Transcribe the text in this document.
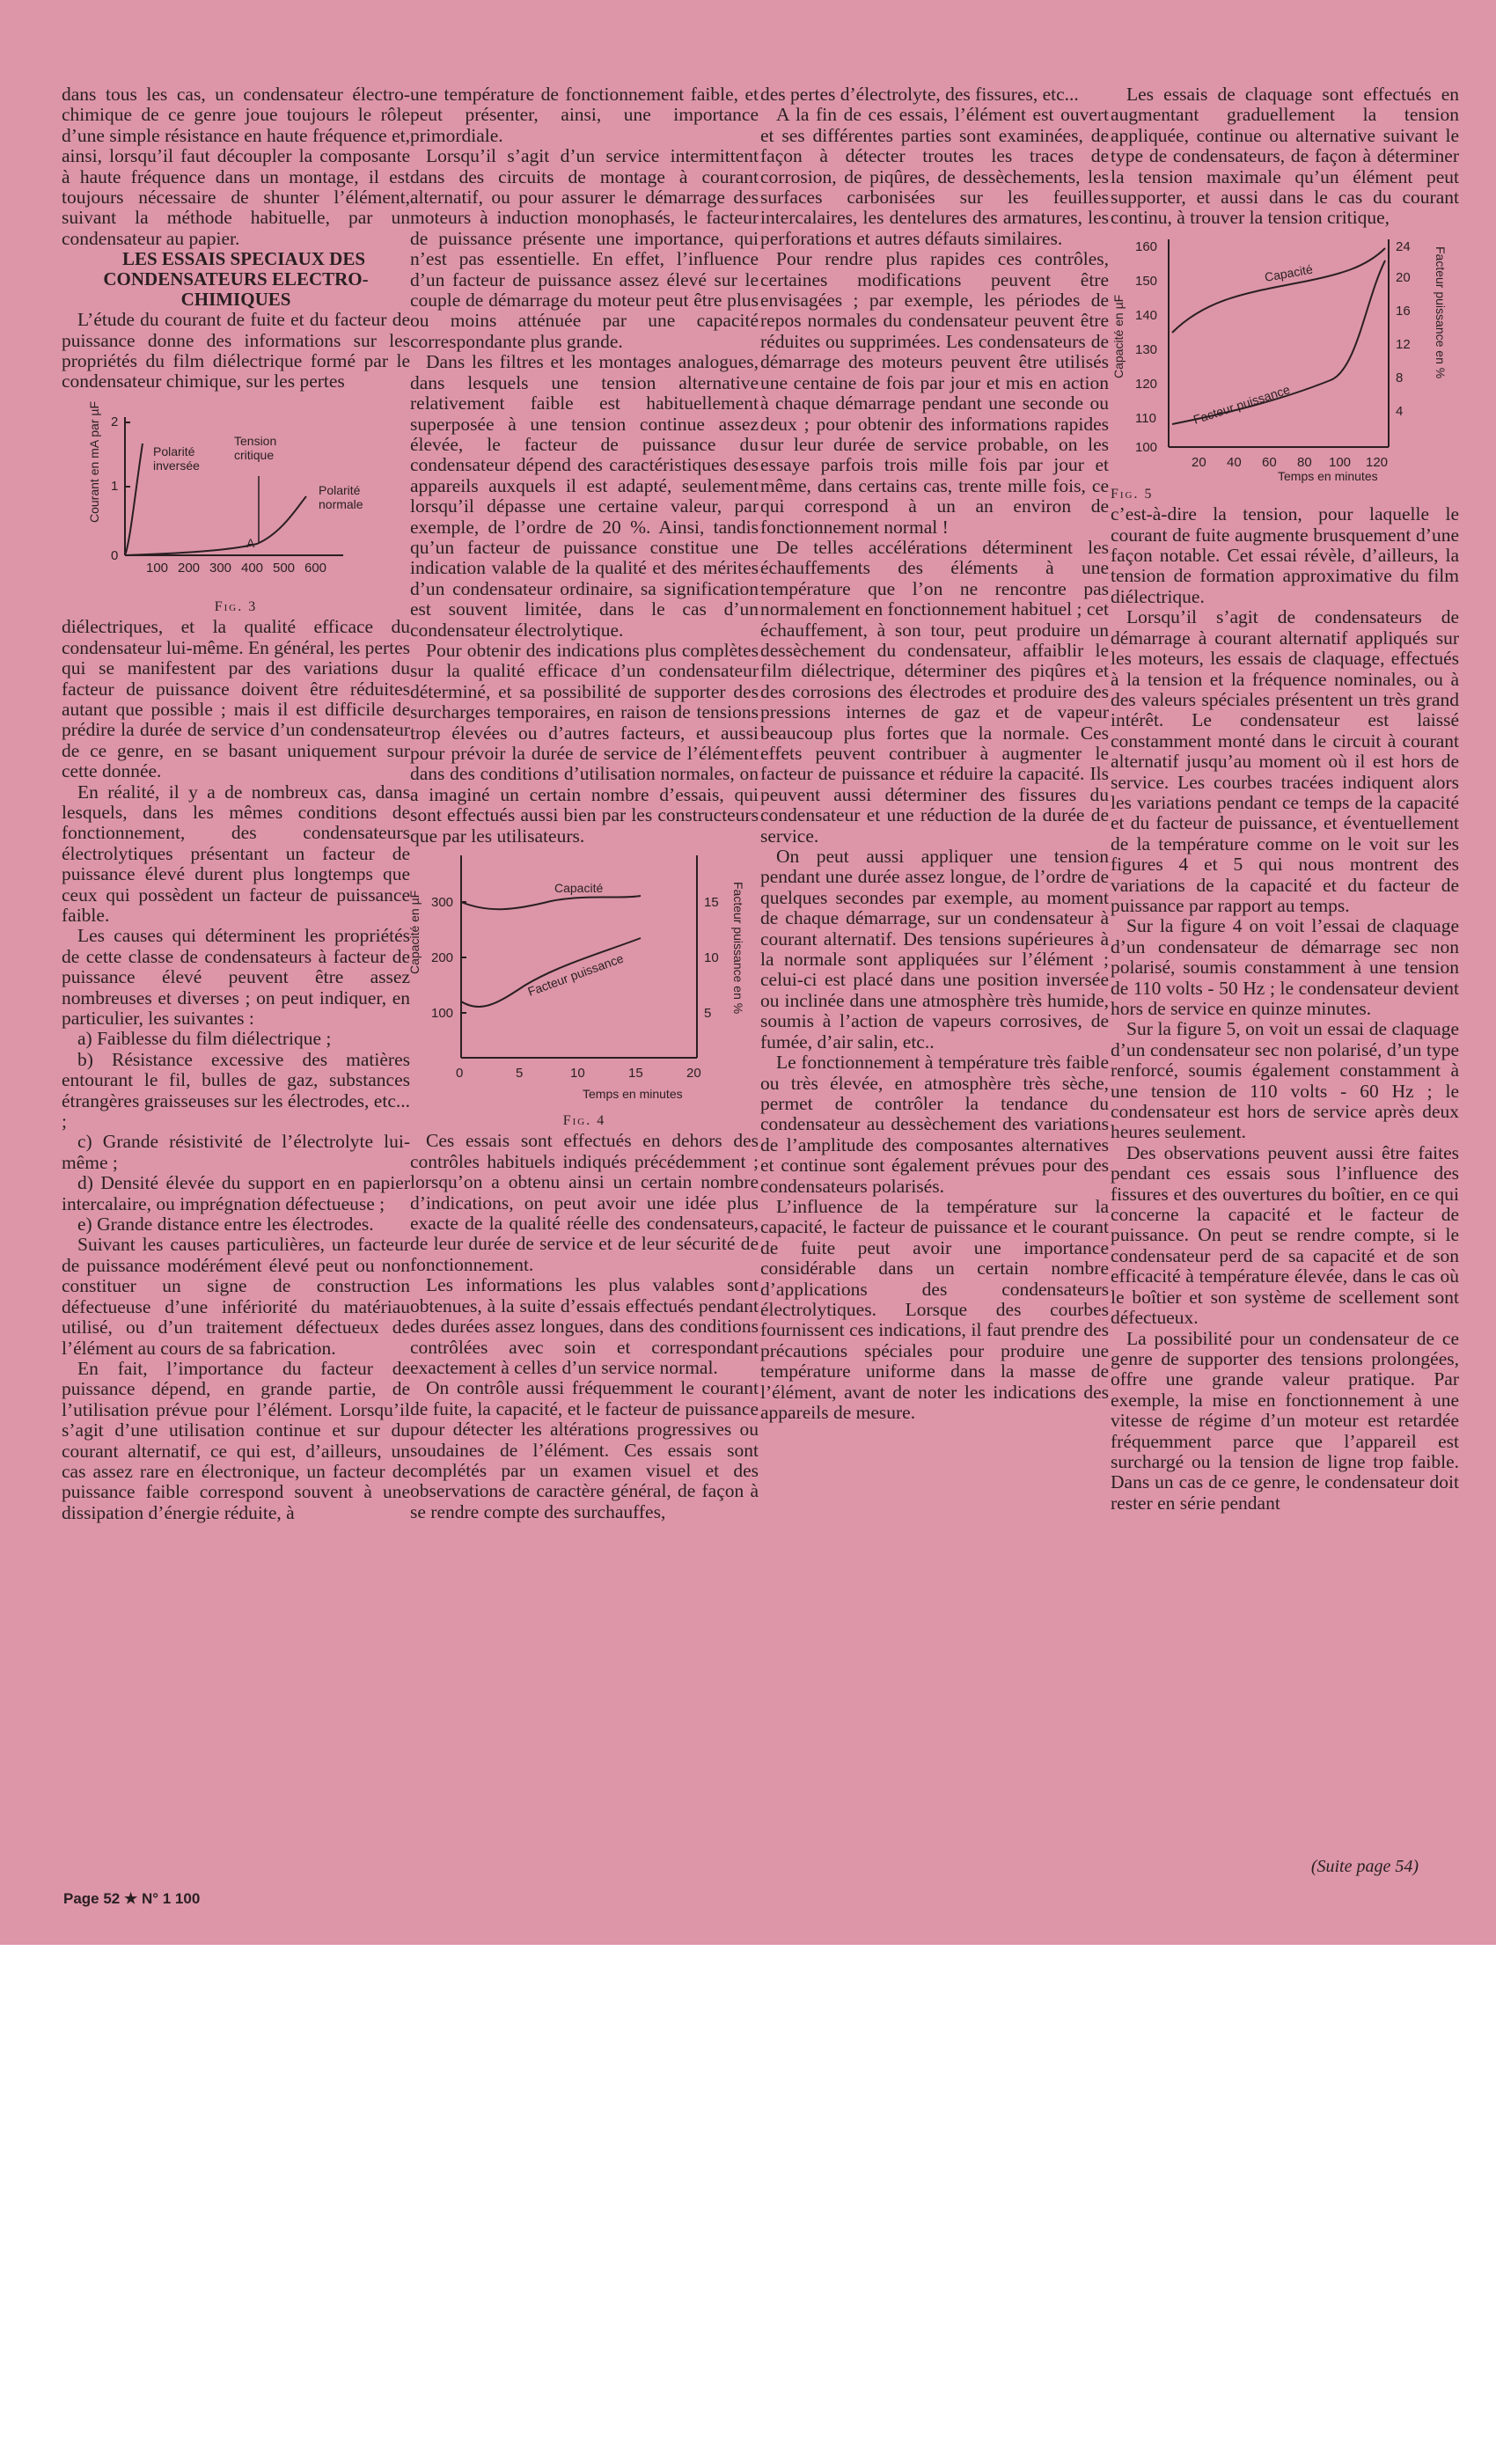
dans tous les cas, un condensateur électro-chimique de ce genre joue toujours le rôle d’une simple résistance en haute fréquence et, ainsi, lorsqu’il faut découpler la composante à haute fréquence dans un montage, il est toujours nécessaire de shunter l’élément, suivant la méthode habituelle, par un condensateur au papier.

LES ESSAIS SPECIAUX DES CONDENSATEURS ELECTRO-CHIMIQUES

L’étude du courant de fuite et du facteur de puissance donne des informations sur les propriétés du film diélectrique formé par le condensateur chimique, sur les pertes

Courant en mA par µF 2
1
0
100 200 300 400 500 600
Polarité
inversée
Tension
critique
Polarité
normale
A

Fig. 3

diélectriques, et la qualité efficace du condensateur lui-même. En général, les pertes qui se manifestent par des variations du facteur de puissance doivent être réduites autant que possible ; mais il est difficile de prédire la durée de service d’un condensateur de ce genre, en se basant uniquement sur cette donnée.

En réalité, il y a de nombreux cas, dans lesquels, dans les mêmes conditions de fonctionnement, des condensateurs électrolytiques présentant un facteur de puissance élevé durent plus longtemps que ceux qui possèdent un facteur de puissance faible.

Les causes qui déterminent les propriétés de cette classe de condensateurs à facteur de puissance élevé peuvent être assez nombreuses et diverses ; on peut indiquer, en particulier, les suivantes :

a) Faiblesse du film diélectrique ;

b) Résistance excessive des matières entourant le fil, bulles de gaz, substances étrangères graisseuses sur les électrodes, etc... ;

c) Grande résistivité de l’électrolyte lui-même ;

d) Densité élevée du support en en papier intercalaire, ou imprégnation défectueuse ;

e) Grande distance entre les électrodes.

Suivant les causes particulières, un facteur de puissance modérément élevé peut ou non constituer un signe de construction défectueuse d’une infériorité du matériau utilisé, ou d’un traitement défectueux de l’élément au cours de sa fabrication.

En fait, l’importance du facteur de puissance dépend, en grande partie, de l’utilisation prévue pour l’élément. Lorsqu’il s’agit d’une utilisation continue et sur du courant alternatif, ce qui est, d’ailleurs, un cas assez rare en électronique, un facteur de puissance faible correspond souvent à une dissipation d’énergie réduite, à

une température de fonctionnement faible, et peut présenter, ainsi, une importance primordiale.

Lorsqu’il s’agit d’un service intermittent dans des circuits de montage à courant alternatif, ou pour assurer le démarrage des moteurs à induction monophasés, le facteur de puissance présente une importance, qui n’est pas essentielle. En effet, l’influence d’un facteur de puissance assez élevé sur le couple de démarrage du moteur peut être plus ou moins atténuée par une capacité correspondante plus grande.

Dans les filtres et les montages analogues, dans lesquels une tension alternative relativement faible est habituellement superposée à une tension continue assez élevée, le facteur de puissance du condensateur dépend des caractéristiques des appareils auxquels il est adapté, seulement lorsqu’il dépasse une certaine valeur, par exemple, de l’ordre de 20 %. Ainsi, tandis qu’un facteur de puissance constitue une indication valable de la qualité et des mérites d’un condensateur ordinaire, sa signification est souvent limitée, dans le cas d’un condensateur électrolytique.

Pour obtenir des indications plus complètes sur la qualité efficace d’un condensateur déterminé, et sa possibilité de supporter des surcharges temporaires, en raison de tensions trop élevées ou d’autres facteurs, et aussi pour prévoir la durée de service de l’élément dans des conditions d’utilisation normales, on a imaginé un certain nombre d’essais, qui sont effectués aussi bien par les constructeurs que par les utilisateurs.

Capacité en µF	Facteur puissance en %
300
200
100
15
10
5
0	5	10	15	20
Capacité
Facteur puissance
Temps en minutes

Fig. 4

Ces essais sont effectués en dehors des contrôles habituels indiqués précédemment ; lorsqu’on a obtenu ainsi un certain nombre d’indications, on peut avoir une idée plus exacte de la qualité réelle des condensateurs, de leur durée de service et de leur sécurité de fonctionnement.

Les informations les plus valables sont obtenues, à la suite d’essais effectués pendant des durées assez longues, dans des conditions contrôlées avec soin et correspondant exactement à celles d’un service normal.

On contrôle aussi fréquemment le courant de fuite, la capacité, et le facteur de puissance pour détecter les altérations progressives ou soudaines de l’élément. Ces essais sont complétés par un examen visuel et des observations de caractère général, de façon à se rendre compte des surchauffes,

des pertes d’électrolyte, des fissures, etc...

A la fin de ces essais, l’élément est ouvert et ses différentes parties sont examinées, de façon à détecter troutes les traces de corrosion, de piqûres, de dessèchements, les surfaces carbonisées sur les feuilles intercalaires, les dentelures des armatures, les perforations et autres défauts similaires.

Pour rendre plus rapides ces contrôles, certaines modifications peuvent être envisagées ; par exemple, les périodes de repos normales du condensateur peuvent être réduites ou supprimées. Les condensateurs de démarrage des moteurs peuvent être utilisés une centaine de fois par jour et mis en action à chaque démarrage pendant une seconde ou deux ; pour obtenir des informations rapides sur leur durée de service probable, on les essaye parfois trois mille fois par jour et même, dans certains cas, trente mille fois, ce qui correspond à un an environ de fonctionnement normal !

De telles accélérations déterminent les échauffements des éléments à une température que l’on ne rencontre pas normalement en fonctionnement habituel ; cet échauffement, à son tour, peut produire un dessèchement du condensateur, affaiblir le film diélectrique, déterminer des piqûres et des corrosions des électrodes et produire des pressions internes de gaz et de vapeur beaucoup plus fortes que la normale. Ces effets peuvent contribuer à augmenter le facteur de puissance et réduire la capacité. Ils peuvent aussi déterminer des fissures du condensateur et une réduction de la durée de service.

On peut aussi appliquer une tension pendant une durée assez longue, de l’ordre de quelques secondes par exemple, au moment de chaque démarrage, sur un condensateur à courant alternatif. Des tensions supérieures à la normale sont appliquées sur l’élément ; celui-ci est placé dans une position inversée ou inclinée dans une atmosphère très humide, soumis à l’action de vapeurs corrosives, de fumée, d’air salin, etc..

Le fonctionnement à température très faible ou très élevée, en atmosphère très sèche, permet de contrôler la tendance du condensateur au dessèchement des variations de l’amplitude des composantes alternatives et continue sont également prévues pour des condensateurs polarisés.

L’influence de la température sur la capacité, le facteur de puissance et le courant de fuite peut avoir une importance considérable dans un certain nombre d’applications des condensateurs électrolytiques. Lorsque des courbes fournissent ces indications, il faut prendre des précautions spéciales pour produire une température uniforme dans la masse de l’élément, avant de noter les indications des appareils de mesure.

Les essais de claquage sont effectués en augmentant graduellement la tension appliquée, continue ou alternative suivant le type de condensateurs, de façon à déterminer la tension maximale qu’un élément peut supporter, et aussi dans le cas du courant continu, à trouver la tension critique,

Capacité en µF	Facteur puissance en %
160
150
140
130
120
110
100
24
20
16
12
8
4
20 40 60 80 100 120
Capacité
Facteur puissance
Temps en minutes

Fig. 5

c’est-à-dire la tension, pour laquelle le courant de fuite augmente brusquement d’une façon notable. Cet essai révèle, d’ailleurs, la tension de formation approximative du film diélectrique.

Lorsqu’il s’agit de condensateurs de démarrage à courant alternatif appliqués sur les moteurs, les essais de claquage, effectués à la tension et la fréquence nominales, ou à des valeurs spéciales présentent un très grand intérêt. Le condensateur est laissé constamment monté dans le circuit à courant alternatif jusqu’au moment où il est hors de service. Les courbes tracées indiquent alors les variations pendant ce temps de la capacité et du facteur de puissance, et éventuellement de la température comme on le voit sur les figures 4 et 5 qui nous montrent des variations de la capacité et du facteur de puissance par rapport au temps.

Sur la figure 4 on voit l’essai de claquage d’un condensateur de démarrage sec non polarisé, soumis constamment à une tension de 110 volts - 50 Hz ; le condensateur devient hors de service en quinze minutes.

Sur la figure 5, on voit un essai de claquage d’un condensateur sec non polarisé, d’un type renforcé, soumis également constamment à une tension de 110 volts - 60 Hz ; le condensateur est hors de service après deux heures seulement.

Des observations peuvent aussi être faites pendant ces essais sous l’influence des fissures et des ouvertures du boîtier, en ce qui concerne la capacité et le facteur de puissance. On peut se rendre compte, si le condensateur perd de sa capacité et de son efficacité à température élevée, dans le cas où le boîtier et son système de scellement sont défectueux.

La possibilité pour un condensateur de ce genre de supporter des tensions prolongées, offre une grande valeur pratique. Par exemple, la mise en fonctionnement à une vitesse de régime d’un moteur est retardée fréquemment parce que l’appareil est surchargé ou la tension de ligne trop faible. Dans un cas de ce genre, le condensateur doit rester en série pendant

(Suite page 54)
Page 52 ★ N° 1 100
